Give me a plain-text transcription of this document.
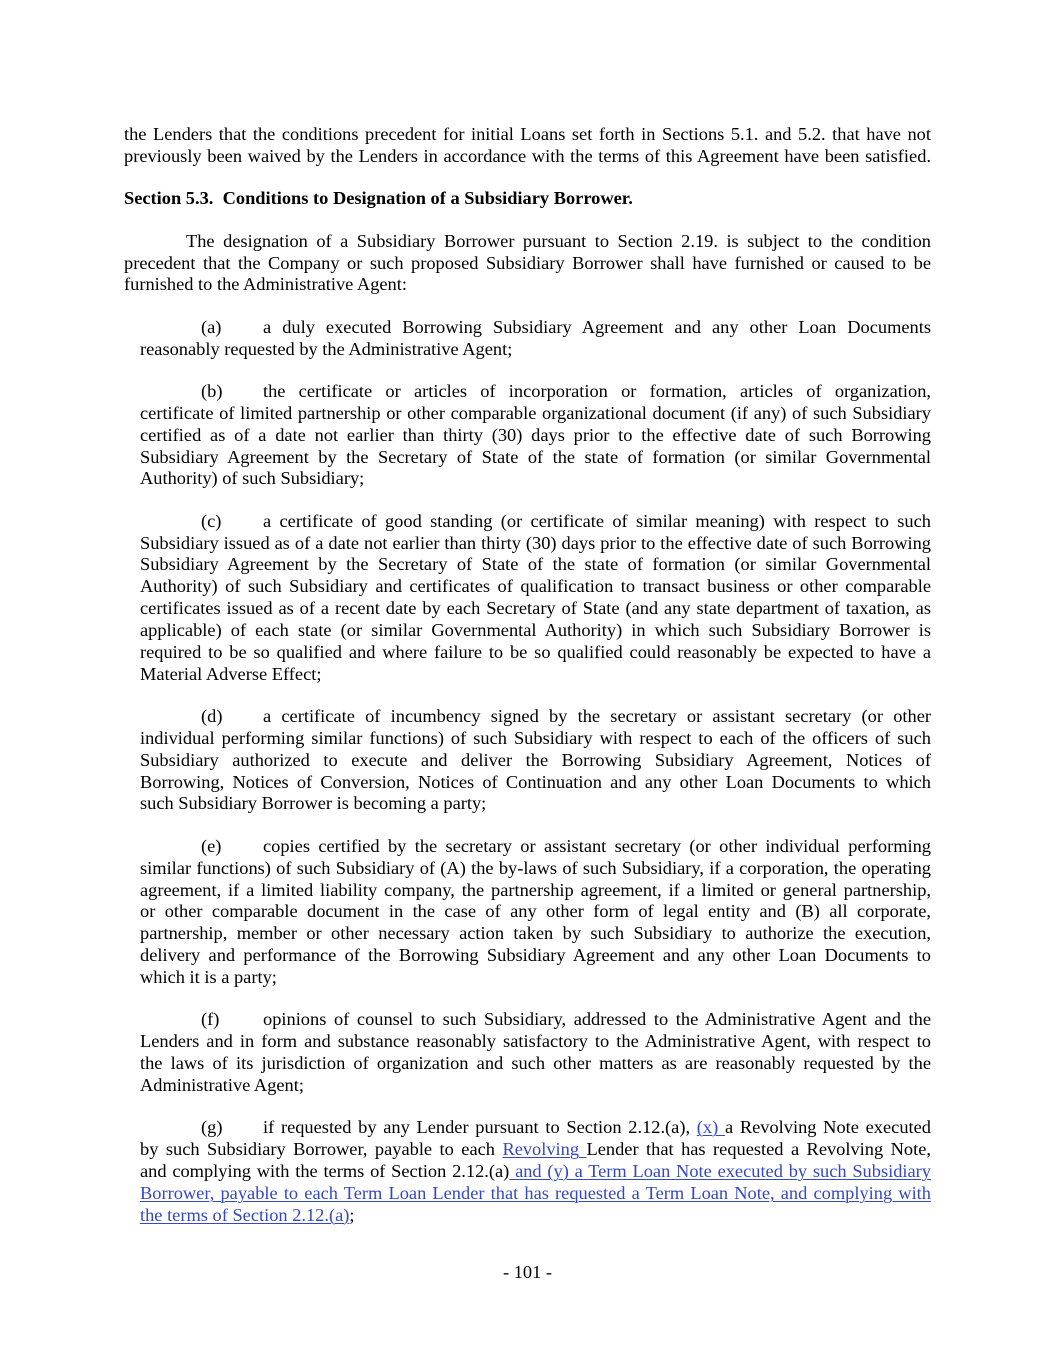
the Lenders that the conditions precedent for initial Loans set forth in Sections 5.1. and 5.2. that have not
previously been waived by the Lenders in accordance with the terms of this Agreement have been satisfied.
Section 5.3.  Conditions to Designation of a Subsidiary Borrower.
The designation of a Subsidiary Borrower pursuant to Section 2.19. is subject to the condition
precedent that the Company or such proposed Subsidiary Borrower shall have furnished or caused to be
furnished to the Administrative Agent:
(a)	a duly executed Borrowing Subsidiary Agreement and any other Loan Documents
reasonably requested by the Administrative Agent;
(b)	the certificate or articles of incorporation or formation, articles of organization,
certificate of limited partnership or other comparable organizational document (if any) of such Subsidiary
certified as of a date not earlier than thirty (30) days prior to the effective date of such Borrowing
Subsidiary Agreement by the Secretary of State of the state of formation (or similar Governmental
Authority) of such Subsidiary;
(c)	a certificate of good standing (or certificate of similar meaning) with respect to such
Subsidiary issued as of a date not earlier than thirty (30) days prior to the effective date of such Borrowing
Subsidiary Agreement by the Secretary of State of the state of formation (or similar Governmental
Authority) of such Subsidiary and certificates of qualification to transact business or other comparable
certificates issued as of a recent date by each Secretary of State (and any state department of taxation, as
applicable) of each state (or similar Governmental Authority) in which such Subsidiary Borrower is
required to be so qualified and where failure to be so qualified could reasonably be expected to have a
Material Adverse Effect;
(d)	a certificate of incumbency signed by the secretary or assistant secretary (or other
individual performing similar functions) of such Subsidiary with respect to each of the officers of such
Subsidiary authorized to execute and deliver the Borrowing Subsidiary Agreement, Notices of
Borrowing, Notices of Conversion, Notices of Continuation and any other Loan Documents to which
such Subsidiary Borrower is becoming a party;
(e)	copies certified by the secretary or assistant secretary (or other individual performing
similar functions) of such Subsidiary of (A) the by-laws of such Subsidiary, if a corporation, the operating
agreement, if a limited liability company, the partnership agreement, if a limited or general partnership,
or other comparable document in the case of any other form of legal entity and (B) all corporate,
partnership, member or other necessary action taken by such Subsidiary to authorize the execution,
delivery and performance of the Borrowing Subsidiary Agreement and any other Loan Documents to
which it is a party;
(f)	opinions of counsel to such Subsidiary, addressed to the Administrative Agent and the
Lenders and in form and substance reasonably satisfactory to the Administrative Agent, with respect to
the laws of its jurisdiction of organization and such other matters as are reasonably requested by the
Administrative Agent;
(g)	if requested by any Lender pursuant to Section 2.12.(a), (x) a Revolving Note executed
by such Subsidiary Borrower, payable to each Revolving Lender that has requested a Revolving Note,
and complying with the terms of Section 2.12.(a) and (y) a Term Loan Note executed by such Subsidiary
Borrower, payable to each Term Loan Lender that has requested a Term Loan Note, and complying with
the terms of Section 2.12.(a);
- 101 -
